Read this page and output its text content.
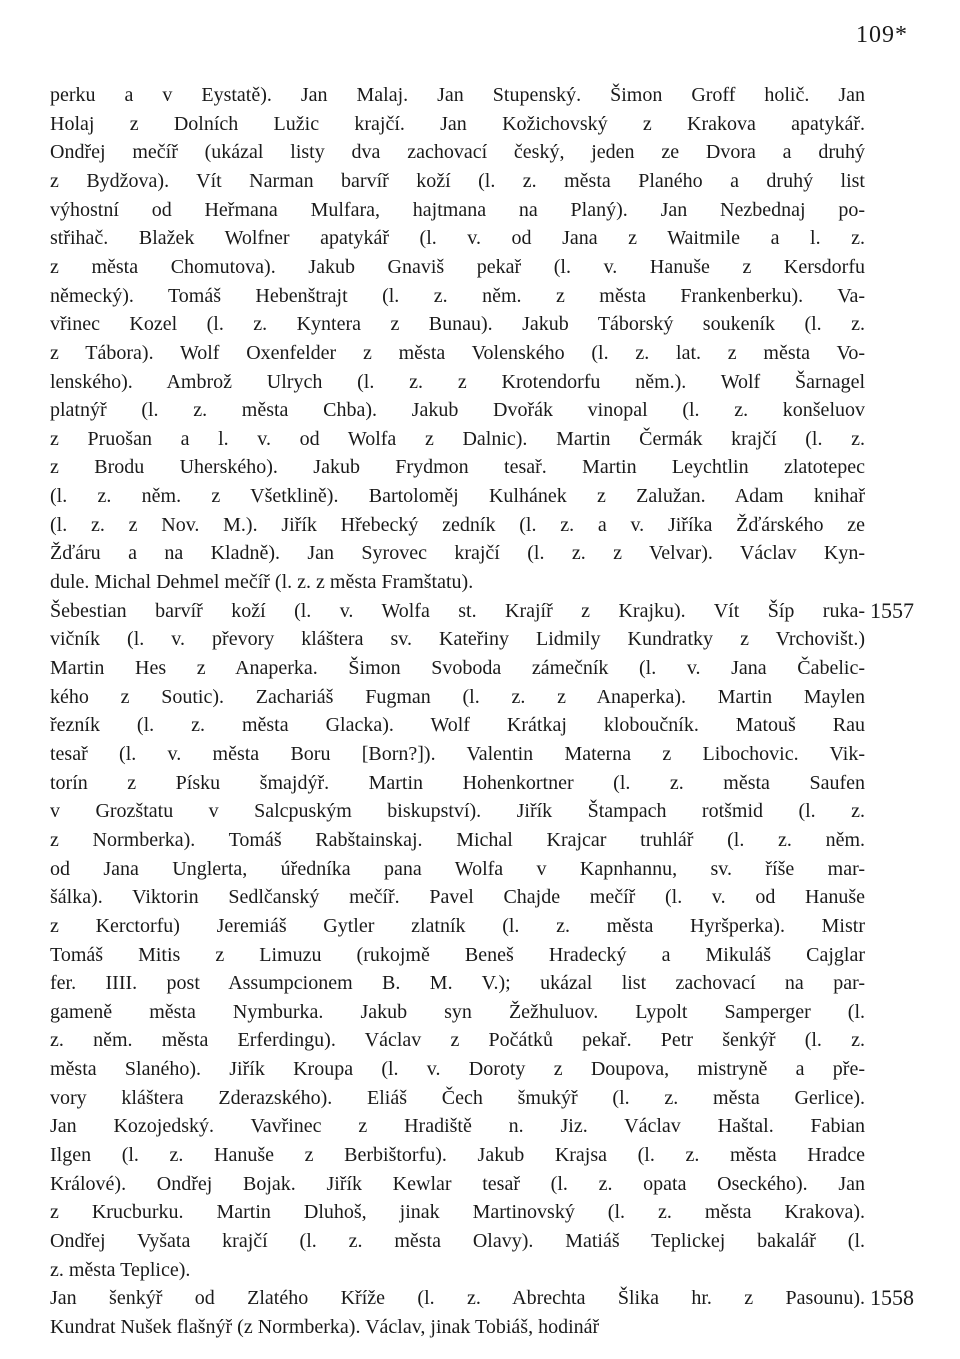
109*
perku a v Eystatě). Jan Malaj. Jan Stupenský. Šimon Groff holič. Jan
Holaj z Dolních Lužic krajčí. Jan Kožichovský z Krakova apatykář.
Ondřej mečíř (ukázal listy dva zachovací český, jeden ze Dvora a druhý
z Bydžova). Vít Narman barvíř koží (l. z. města Planého a druhý list
výhostní od Heřmana Mulfara, hajtmana na Planý). Jan Nezbednaj po-
střihač. Blažek Wolfner apatykář (l. v. od Jana z Waitmile a l. z.
z města Chomutova). Jakub Gnaviš pekař (l. v. Hanuše z Kersdorfu
německý). Tomáš Hebenštrajt (l. z. něm. z města Frankenberku). Va-
vřinec Kozel (l. z. Kyntera z Bunau). Jakub Táborský soukeník (l. z.
z Tábora). Wolf Oxenfelder z města Volenského (l. z. lat. z města Vo-
lenského). Ambrož Ulrych (l. z. z Krotendorfu něm.). Wolf Šarnagel
platnýř (l. z. města Chba). Jakub Dvořák vinopal (l. z. konšeluov
z Pruošan a l. v. od Wolfa z Dalnic). Martin Čermák krajčí (l. z.
z Brodu Uherského). Jakub Frydmon tesař. Martin Leychtlin zlatotepec
(l. z. něm. z Všetklině). Bartoloměj Kulhánek z Zalužan. Adam knihař
(l. z. z Nov. M.). Jiřík Hřebecký zedník (l. z. a v. Jiříka Žďárského ze
Žďáru a na Kladně). Jan Syrovec krajčí (l. z. z Velvar). Václav Kyn-
dule. Michal Dehmel mečíř (l. z. z města Framštatu).
Šebestian barvíř koží (l. v. Wolfa st. Krajíř z Krajku). Vít Šíp ruka-
vičník (l. v. převory kláštera sv. Kateřiny Lidmily Kundratky z Vrchovišt.)
Martin Hes z Anaperka. Šimon Svoboda zámečník (l. v. Jana Čabelic-
kého z Soutic). Zachariáš Fugman (l. z. z Anaperka). Martin Maylen
řezník (l. z. města Glacka). Wolf Krátkaj kloboučník. Matouš Rau
tesař (l. v. města Boru [Born?]). Valentin Materna z Libochovic. Vik-
torín z Písku šmajdýř. Martin Hohenkortner (l. z. města Saufen
v Grozštatu v Salcpuským biskupství). Jiřík Štampach rotšmid (l. z.
z Normberka). Tomáš Rabštainskaj. Michal Krajcar truhlář (l. z. něm.
od Jana Unglerta, úředníka pana Wolfa v Kapnhannu, sv. říše mar-
šálka). Viktorin Sedlčanský mečíř. Pavel Chajde mečíř (l. v. od Hanuše
z Kerctorfu) Jeremiáš Gytler zlatník (l. z. města Hyršperka). Mistr
Tomáš Mitis z Limuzu (rukojmě Beneš Hradecký a Mikuláš Cajglar
fer. IIII. post Assumpcionem B. M. V.); ukázal list zachovací na par-
gameně města Nymburka. Jakub syn Žežhuluov. Lypolt Samperger (l.
z. něm. města Erferdingu). Václav z Počátků pekař. Petr šenkýř (l. z.
města Slaného). Jiřík Kroupa (l. v. Doroty z Doupova, mistryně a pře-
vory kláštera Zderazského). Eliáš Čech šmukýř (l. z. města Gerlice).
Jan Kozojedský. Vavřinec z Hradiště n. Jiz. Václav Haštal. Fabian
Ilgen (l. z. Hanuše z Berbištorfu). Jakub Krajsa (l. z. města Hradce
Králové). Ondřej Bojak. Jiřík Kewlar tesař (l. z. opata Oseckého). Jan
z Krucburku. Martin Dluhoš, jinak Martinovský (l. z. města Krakova).
Ondřej Vyšata krajčí (l. z. města Olavy). Matiáš Teplickej bakalář (l.
z. města Teplice).
Jan šenkýř od Zlatého Kříže (l. z. Abrechta Šlika hr. z Pasounu).
Kundrat Nušek flašnýř (z Normberka). Václav, jinak Tobiáš, hodinář
1557
1558
